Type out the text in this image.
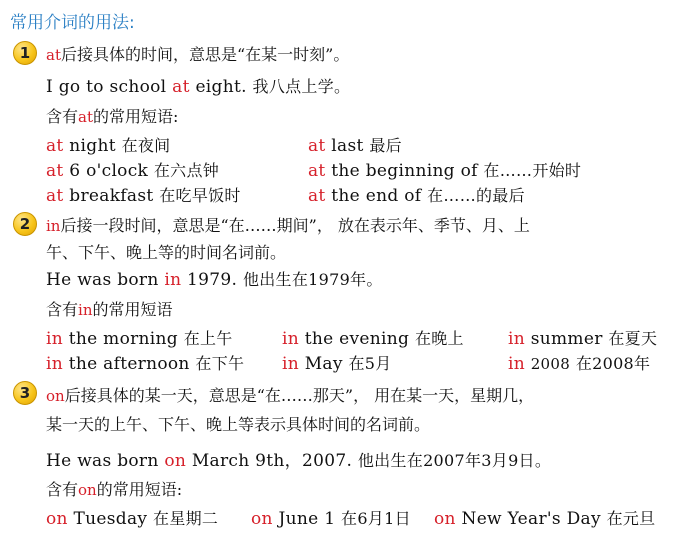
常用介词的用法:
1	at后接具体的时间，意思是“在某一时刻”。
I go to school at eight. 我八点上学。
含有at的常用短语:
at night 在夜间	at last 最后
at 6 o'clock 在六点钟	at the beginning of 在……开始时
at breakfast 在吃早饭时	at the end of 在……的最后
2	in后接一段时间，意思是“在……期间”， 放在表示年、季节、月、上
午、下午、晚上等的时间名词前。
He was born in 1979. 他出生在1979年。
含有in的常用短语
in the morning 在上午	in the evening 在晚上	in summer 在夏天
in the afternoon 在下午 in May 在5月	in 2008 在2008年
3	on后接具体的某一天，意思是“在……那天”， 用在某一天，星期几，
某一天的上午、下午、晚上等表示具体时间的名词前。
He was born on March 9th，2007. 他出生在2007年3月9日。
含有on的常用短语:
on Tuesday 在星期二 on June 1 在6月1日 on New Year's Day 在元旦
